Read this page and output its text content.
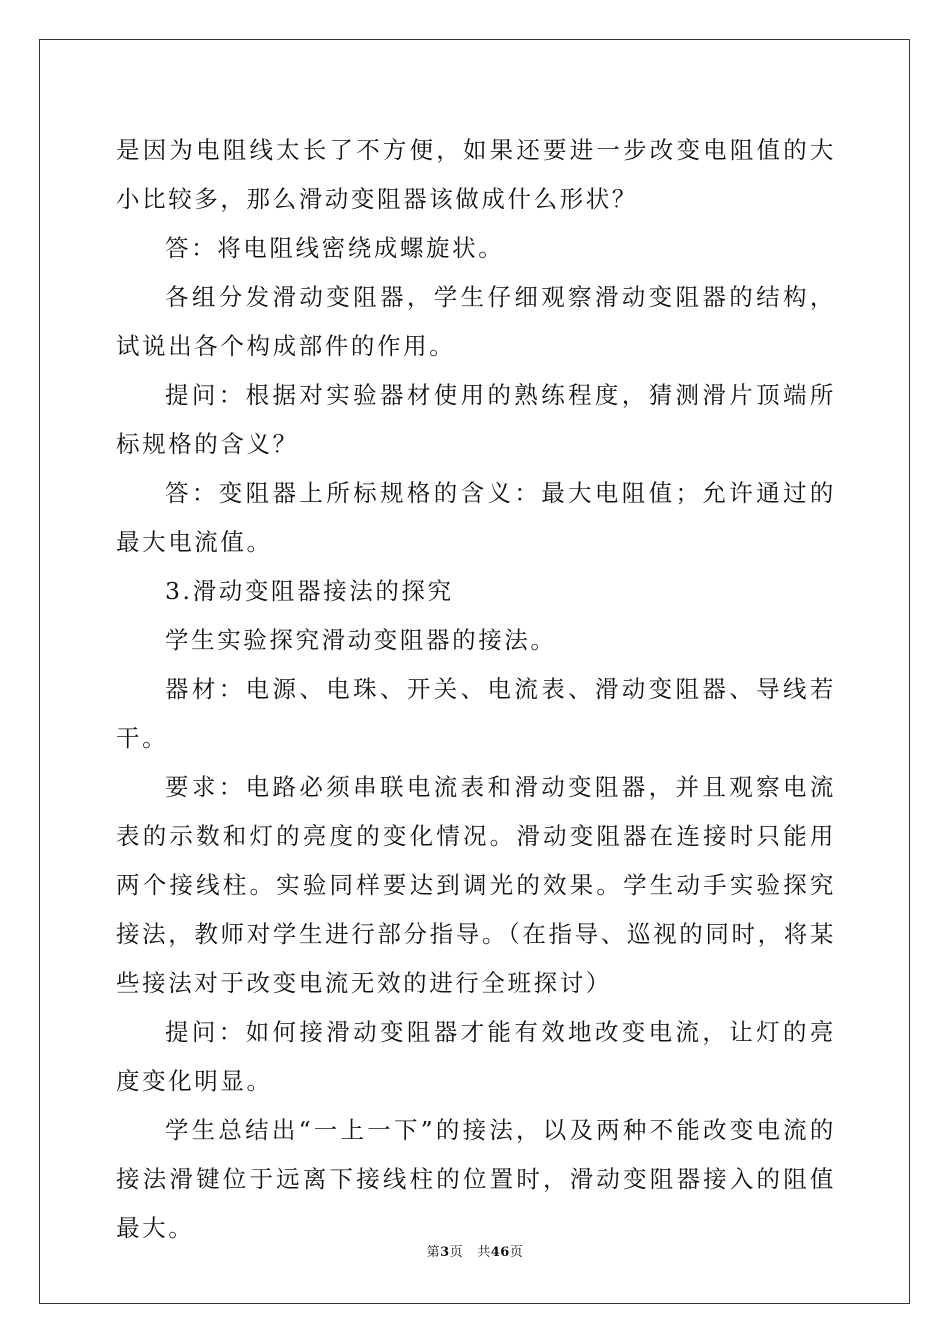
是因为电阻线太长了不方便，如果还要进一步改变电阻值的大小比较多，那么滑动变阻器该做成什么形状？

答：将电阻线密绕成螺旋状。

各组分发滑动变阻器，学生仔细观察滑动变阻器的结构，试说出各个构成部件的作用。

提问：根据对实验器材使用的熟练程度，猜测滑片顶端所标规格的含义？

答：变阻器上所标规格的含义：最大电阻值；允许通过的最大电流值。

3.滑动变阻器接法的探究

学生实验探究滑动变阻器的接法。

器材：电源、电珠、开关、电流表、滑动变阻器、导线若干。

要求：电路必须串联电流表和滑动变阻器，并且观察电流表的示数和灯的亮度的变化情况。滑动变阻器在连接时只能用两个接线柱。实验同样要达到调光的效果。学生动手实验探究接法，教师对学生进行部分指导。（在指导、巡视的同时，将某些接法对于改变电流无效的进行全班探讨）

提问：如何接滑动变阻器才能有效地改变电流，让灯的亮度变化明显。

学生总结出“一上一下”的接法，以及两种不能改变电流的接法滑键位于远离下接线柱的位置时，滑动变阻器接入的阻值最大。

第3页 共46页
